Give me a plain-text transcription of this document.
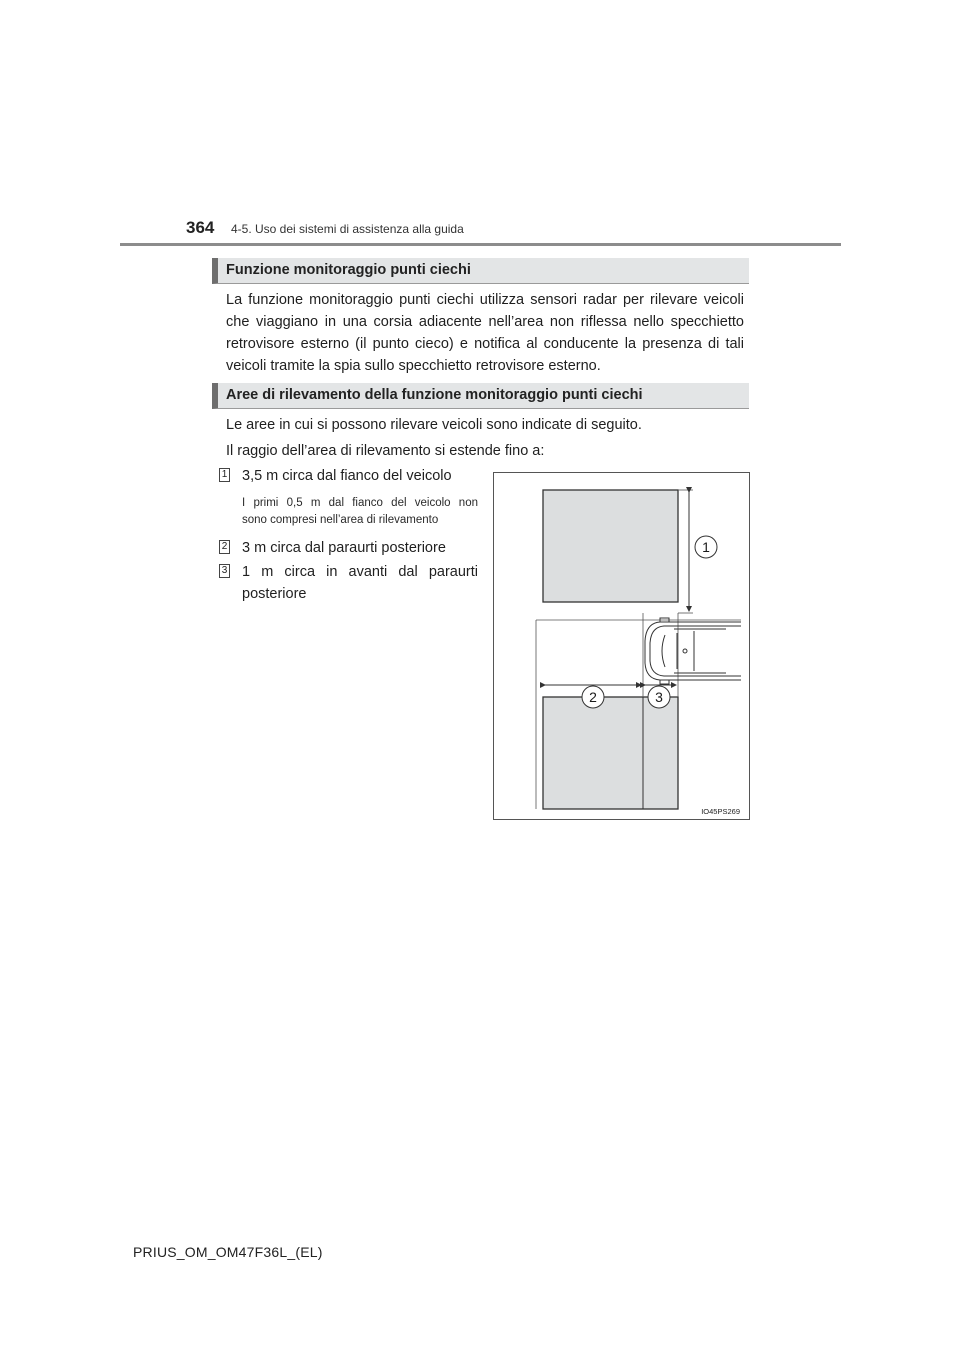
364 4-5. Uso dei sistemi di assistenza alla guida
Funzione monitoraggio punti ciechi
La funzione monitoraggio punti ciechi utilizza sensori radar per rilevare veicoli
che viaggiano in una corsia adiacente nell’area non riflessa nello specchietto
retrovisore esterno (il punto cieco) e notifica al conducente la presenza di tali
veicoli tramite la spia sullo specchietto retrovisore esterno.
Aree di rilevamento della funzione monitoraggio punti ciechi
Le aree in cui si possono rilevare veicoli sono indicate di seguito.
Il raggio dell’area di rilevamento si estende fino a:
1 3,5 m circa dal fianco del veicolo
I primi 0,5 m dal fianco del veicolo non
sono compresi nell’area di rilevamento
2 3 m circa dal paraurti posteriore
3 1 m circa in avanti dal paraurti
posteriore
1
2	3
IO45PS269
PRIUS_OM_OM47F36L_(EL)
